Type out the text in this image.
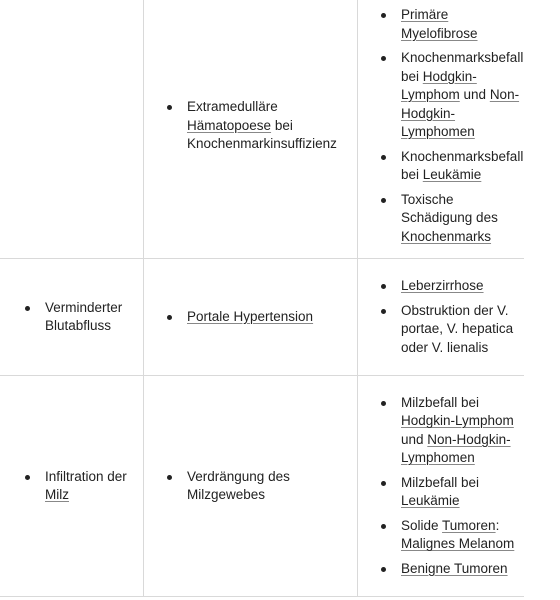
Extramedulläre Hämatopoese bei Knochenmarkinsuffizienz
Primäre Myelofibrose
Knochenmarksbefall bei Hodgkin-Lymphom und Non-Hodgkin-Lymphomen
Knochenmarksbefall bei Leukämie
Toxische Schädigung des Knochenmarks
Verminderter Blutabfluss
Portale Hypertension
Leberzirrhose
Obstruktion der V. portae, V. hepatica oder V. lienalis
Infiltration der Milz
Verdrängung des Milzgewebes
Milzbefall bei Hodgkin-Lymphom und Non-Hodgkin-Lymphomen
Milzbefall bei Leukämie
Solide Tumoren: Malignes Melanom
Benigne Tumoren
